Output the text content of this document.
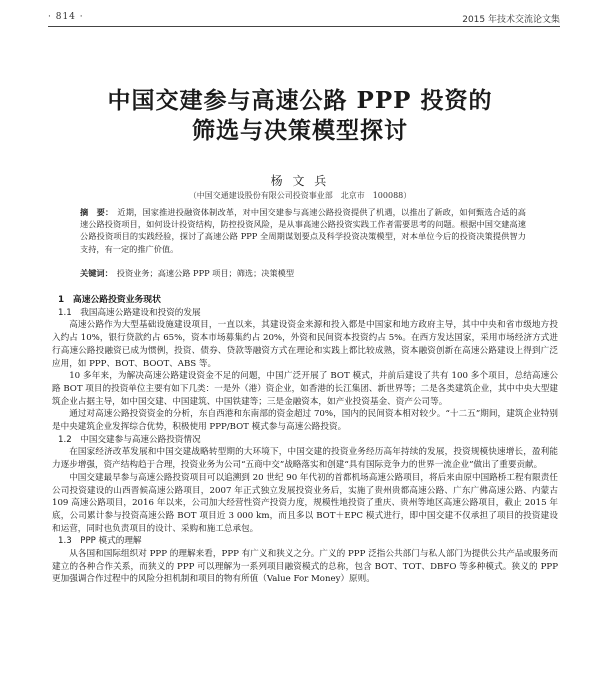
· 814 ·	2015 年技术交流论文集
中国交建参与高速公路 PPP 投资的
筛选与决策模型探讨
杨 文 兵
（中国交通建设股份有限公司投资事业部　北京市　100088）
摘　要： 近期，国家推进投融资体制改革，对中国交建参与高速公路投资提供了机遇，以推出了新政，如何甄选合适的高速公路投资项目，如何设计投资结构，防控投资风险，是从事高速公路投资实践工作者需要思考的问题。根据中国交建高速公路投资项目的实践经验，探讨了高速公路 PPP 全周期谋划要点及科学投资决策模型，对本单位今后的投资决策提供智力支持，有一定的推广价值。
关键词： 投资业务；高速公路 PPP 项目；筛选；决策模型

1　高速公路投资业务现状

1.1　我国高速公路建设和投资的发展

高速公路作为大型基础设施建设项目，一直以来，其建设资金来源和投入都是中国家和地方政府主导，其中中央和省市级地方投入约占 10%，银行贷款约占 65%，资本市场募集约占 20%，外资和民间资本投资约占 5%。在西方发达国家，采用市场经济方式进行高速公路投融资已成为惯例，投资、债券、贷款等融资方式在理论和实践上都比较成熟，资本融资创新在高速公路建设上得到广泛应用，如 PPP、BOT、BOOT、ABS 等。

10 多年来，为解决高速公路建设资金不足的问题，中国广泛开展了 BOT 模式，并前后建设了共有 100 多个项目，总结高速公路 BOT 项目的投资单位主要有如下几类：一是外（港）资企业，如香港的长江集团、新世界等；二是各类建筑企业，其中中央大型建筑企业占据主导，如中国交建、中国建筑、中国铁建等；三是金融资本，如产业投资基金、资产公司等。

通过对高速公路投资资金的分析，东自西港和东南部的资金超过 70%，国内的民间资本相对较少。“十二五”期间，建筑企业特别是中央建筑企业发挥综合优势，积极使用 PPP/BOT 模式参与高速公路投资。

1.2　中国交建参与高速公路投资情况

在国家经济改革发展和中国交建战略转型期的大环境下，中国交建的投资业务经历高年持续的发展，投资规模快速增长，盈利能力逐步增强，资产结构趋于合理，投资业务为公司“五商中交”战略落实和创建“具有国际竞争力的世界一流企业”做出了重要贡献。

中国交建最早参与高速公路投资项目可以追溯到 20 世纪 90 年代初的首都机场高速公路项目，将后来由原中国路桥工程有限责任公司投资建设的山西晋候高速公路项目，2007 年正式独立发展投资业务后，实施了贵州贵都高速公路、广东广佛高速公路、内蒙古 109 高速公路项目，2016 年以来，公司加大经营性资产投资力度，规模性地投资了重庆、贵州等地区高速公路项目，截止 2015 年底，公司累计参与投资高速公路 BOT 项目近 3 000 km，而且多以 BOT＋EPC 模式进行，即中国交建不仅承担了项目的投资建设和运营，同时也负责项目的设计、采购和施工总承包。

1.3　PPP 模式的理解

从各国和国际组织对 PPP 的理解来看，PPP 有广义和狭义之分。广义的 PPP 泛指公共部门与私人部门为提供公共产品或服务而建立的各种合作关系，而狭义的 PPP 可以理解为一系列项目融资模式的总称，包含 BOT、TOT、DBFO 等多种模式。狭义的 PPP 更加强调合作过程中的风险分担机制和项目的物有所值（Value For Money）原则。
